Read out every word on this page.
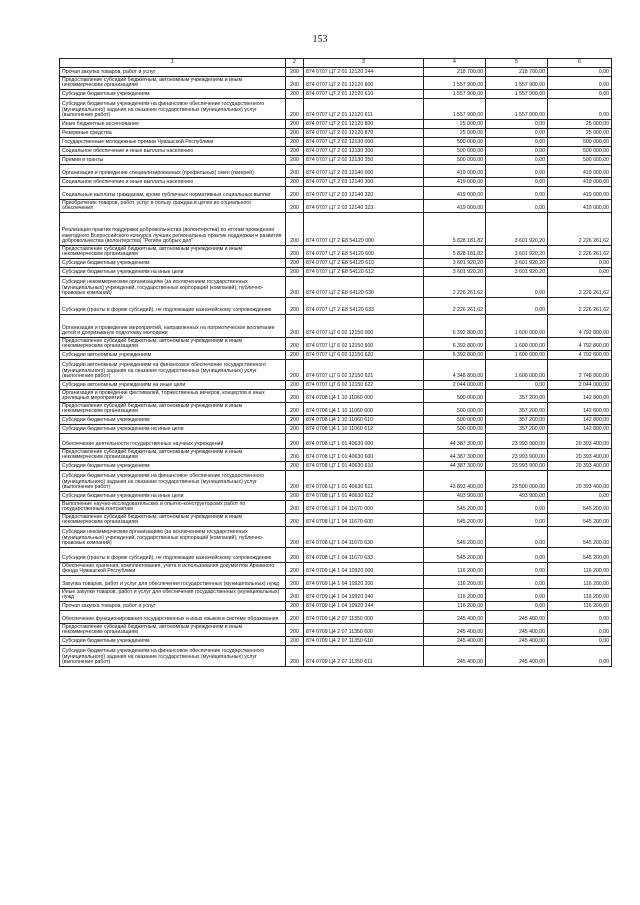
153
1	2	3	4	5	6
Прочая закупка товаров, работ и услуг	200	874 0707 Ц7 2 01 12120 244	218 700,00	218 700,00	0,00
Предоставление субсидий бюджетным, автономным учреждениям и иным некоммерческим организациям	200	874 0707 Ц7 2 01 12120 600	1 557 900,00	1 557 900,00	0,00
Субсидии бюджетным учреждениям	200	874 0707 Ц7 2 01 12120 610	1 557 900,00	1 557 900,00	0,00
Субсидии бюджетным учреждениям на финансовое обеспечение государственного (муниципального) задания на оказание государственных (муниципальных) услуг (выполнение работ)	200	874 0707 Ц7 2 01 12120 611	1 557 900,00	1 557 900,00	0,00
Иные бюджетные ассигнования	200	874 0707 Ц7 2 01 12120 800	25 000,00	0,00	25 000,00
Резервные средства	200	874 0707 Ц7 2 01 12120 870	25 000,00	0,00	25 000,00
Государственные молодежные премии Чувашской Республики	200	874 0707 Ц7 2 02 12130 000	500 000,00	0,00	500 000,00
Социальное обеспечение и иные выплаты населению	200	874 0707 Ц7 2 02 12130 300	500 000,00	0,00	500 000,00
Премии и гранты	200	874 0707 Ц7 2 02 12130 350	500 000,00	0,00	500 000,00
Организация и проведение специализированных (профильных) смен (лагерей)	200	874 0707 Ц7 2 03 12140 000	419 000,00	0,00	419 000,00
Социальное обеспечение и иные выплаты населению	200	874 0707 Ц7 2 03 12140 300	419 000,00	0,00	419 000,00
Социальные выплаты гражданам, кроме публичных нормативных социальных выплат	200	874 0707 Ц7 2 03 12140 320	419 000,00	0,00	419 000,00
Приобретение товаров, работ, услуг в пользу граждан в целях их социального обеспечения	200	874 0707 Ц7 2 03 12140 323	419 000,00	0,00	419 000,00
Реализация практик поддержки добровольчества (волонтерства) по итогам проведения ежегодного Всероссийского конкурса лучших региональных практик поддержки и развития добровольчества (волонтерства) "Регион добрых дел"	200	874 0707 Ц7 2 E8 54120 000	5 828 181,82	3 601 920,20	2 226 261,62
Предоставление субсидий бюджетным, автономным учреждениям и иным некоммерческим организациям	200	874 0707 Ц7 2 E8 54120 600	5 828 181,82	3 601 920,20	2 226 261,62
Субсидии бюджетным учреждениям	200	874 0707 Ц7 2 E8 54120 610	3 601 920,20	3 601 920,20	0,00
Субсидии бюджетным учреждениям на иные цели	200	874 0707 Ц7 2 E8 54120 612	3 601 920,20	3 601 920,20	0,00
Субсидии некоммерческим организациям (за исключением государственных (муниципальных) учреждений, государственных корпораций (компаний), публично-правовых компаний)	200	874 0707 Ц7 2 E8 54120 630	2 226 261,62	0,00	2 226 261,62
Субсидии (гранты в форме субсидий), не подлежащие казначейскому сопровождению	200	874 0707 Ц7 2 E8 54120 633	2 226 261,62	0,00	2 226 261,62
Организация и проведение мероприятий, направленных на патриотическое воспитание детей и допризывную подготовку молодежи	200	874 0707 Ц7 6 02 12150 000	6 392 800,00	1 600 000,00	4 792 800,00
Предоставление субсидий бюджетным, автономным учреждениям и иным некоммерческим организациям	200	874 0707 Ц7 6 02 12150 600	6 392 800,00	1 600 000,00	4 792 800,00
Субсидии автономным учреждениям	200	874 0707 Ц7 6 02 12150 620	6 392 800,00	1 600 000,00	4 792 800,00
Субсидии автономным учреждениям на финансовое обеспечение государственного (муниципального) задания на оказание государственных (муниципальных) услуг (выполнение работ)	200	874 0707 Ц7 6 02 12150 621	4 348 800,00	1 600 000,00	2 748 800,00
Субсидии автономным учреждениям на иные цели	200	874 0707 Ц7 6 02 12150 622	2 044 000,00	0,00	2 044 000,00
Организация и проведение фестивалей, торжественных вечеров, концертов и иных зрелищных мероприятий	200	874 0708 Ц4 1 10 11060 000	500 000,00	357 200,00	142 800,00
Предоставление субсидий бюджетным, автономным учреждениям и иным некоммерческим организациям	200	874 0708 Ц4 1 10 11060 600	500 000,00	357 200,00	142 800,00
Субсидии бюджетным учреждениям	200	874 0708 Ц4 1 10 11060 610	500 000,00	357 200,00	142 800,00
Субсидии бюджетным учреждениям на иные цели	200	874 0708 Ц4 1 10 11060 612	500 000,00	357 200,00	142 800,00
Обеспечение деятельности государственных научных учреждений	200	874 0708 Ц7 1 01 40630 000	44 387 300,00	23 993 900,00	20 393 400,00
Предоставление субсидий бюджетным, автономным учреждениям и иным некоммерческим организациям	200	874 0708 Ц7 1 01 40630 600	44 387 300,00	23 993 900,00	20 393 400,00
Субсидии бюджетным учреждениям	200	874 0708 Ц7 1 01 40630 610	44 387 300,00	23 993 900,00	20 393 400,00
Субсидии бюджетным учреждениям на финансовое обеспечение государственного (муниципального) задания на оказание государственных (муниципальных) услуг (выполнение работ)	200	874 0708 Ц7 1 01 40630 611	43 893 400,00	23 500 000,00	20 393 400,00
Субсидии бюджетным учреждениям на иные цели	200	874 0708 Ц7 1 01 40630 612	493 900,00	493 900,00	0,00
Выполнение научно-исследовательских и опытно-конструкторских работ по государственным контрактам	200	874 0708 Ц7 1 04 11670 000	545 200,00	0,00	545 200,00
Предоставление субсидий бюджетным, автономным учреждениям и иным некоммерческим организациям	200	874 0708 Ц7 1 04 11670 600	545 200,00	0,00	545 200,00
Субсидии некоммерческим организациям (за исключением государственных (муниципальных) учреждений, государственных корпораций (компаний), публично-правовых компаний)	200	874 0708 Ц7 1 04 11670 630	545 200,00	0,00	545 200,00
Субсидии (гранты в форме субсидий), не подлежащие казначейскому сопровождению	200	874 0708 Ц7 1 04 11670 633	545 200,00	0,00	545 200,00
Обеспечение хранения, комплектования, учета и использования документов Архивного фонда Чувашской Республики	200	874 0709 Ц4 1 04 10920 000	116 200,00	0,00	116 200,00
Закупка товаров, работ и услуг для обеспечения государственных (муниципальных) нужд	200	874 0709 Ц4 1 04 10920 200	116 200,00	0,00	116 200,00
Иные закупки товаров, работ и услуг для обеспечения государственных (муниципальных) нужд	200	874 0709 Ц4 1 04 10920 240	116 200,00	0,00	116 200,00
Прочая закупка товаров, работ и услуг	200	874 0709 Ц4 1 04 10920 244	116 200,00	0,00	116 200,00
Обеспечение функционирования государственных и иных языков в системе образования	200	874 0709 Ц4 2 07 11350 000	245 400,00	245 400,00	0,00
Предоставление субсидий бюджетным, автономным учреждениям и иным некоммерческим организациям	200	874 0709 Ц4 2 07 11350 600	245 400,00	245 400,00	0,00
Субсидии бюджетным учреждениям	200	874 0709 Ц4 2 07 11350 610	245 400,00	245 400,00	0,00
Субсидии бюджетным учреждениям на финансовое обеспечение государственного (муниципального) задания на оказание государственных (муниципальных) услуг (выполнение работ)	200	874 0709 Ц4 2 07 11350 611	245 400,00	245 400,00	0,00
